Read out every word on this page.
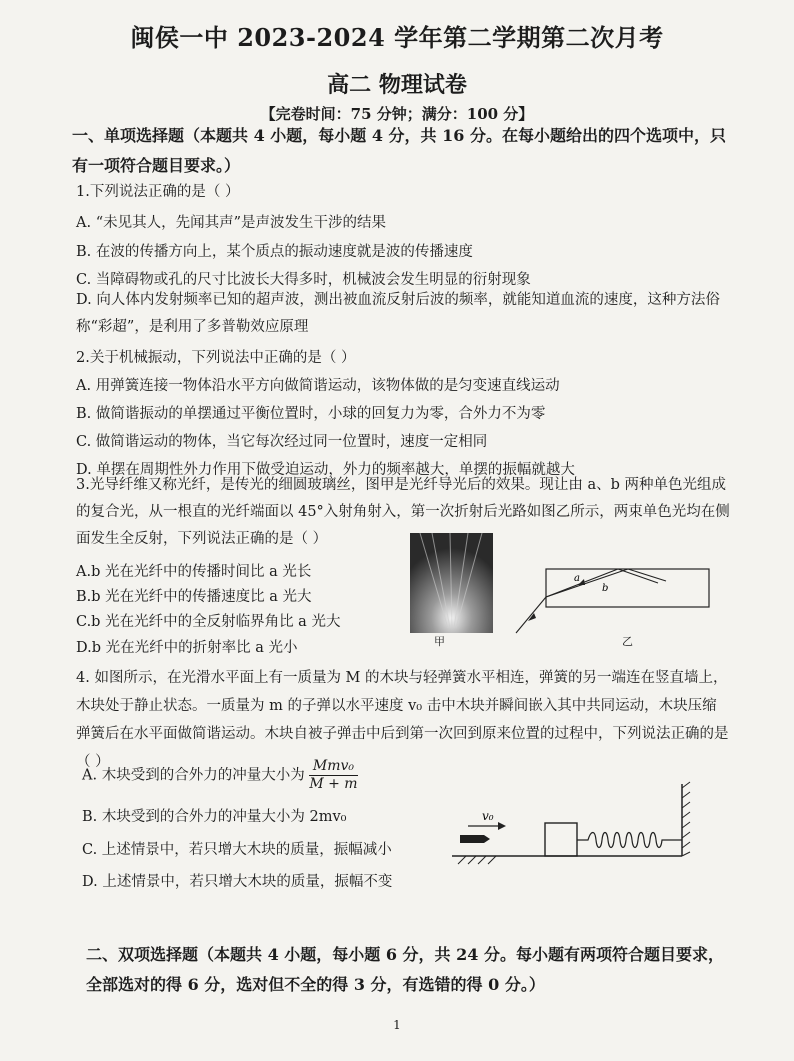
闽侯一中 2023-2024 学年第二学期第二次月考
高二 物理试卷
【完卷时间：75 分钟；满分：100 分】
一、单项选择题（本题共 4 小题，每小题 4 分，共 16 分。在每小题给出的四个选项中，只有一项符合题目要求。）
1.下列说法正确的是（ ）
A. “未见其人，先闻其声”是声波发生干涉的结果
B. 在波的传播方向上，某个质点的振动速度就是波的传播速度
C. 当障碍物或孔的尺寸比波长大得多时，机械波会发生明显的衍射现象
D. 向人体内发射频率已知的超声波，测出被血流反射后波的频率，就能知道血流的速度，这种方法俗称“彩超”，是利用了多普勒效应原理
2.关于机械振动，下列说法中正确的是（ ）
A. 用弹簧连接一物体沿水平方向做简谐运动，该物体做的是匀变速直线运动
B. 做简谐振动的单摆通过平衡位置时，小球的回复力为零，合外力不为零
C. 做简谐运动的物体，当它每次经过同一位置时，速度一定相同
D. 单摆在周期性外力作用下做受迫运动，外力的频率越大，单摆的振幅就越大
3.光导纤维又称光纤，是传光的细圆玻璃丝，图甲是光纤导光后的效果。现让由 a、b 两种单色光组成的复合光，从一根直的光纤端面以 45°入射角射入，第一次折射后光路如图乙所示，两束单色光均在侧面发生全反射，下列说法正确的是（ ）
A.b 光在光纤中的传播时间比 a 光长
B.b 光在光纤中的传播速度比 a 光大
C.b 光在光纤中的全反射临界角比 a 光大
D.b 光在光纤中的折射率比 a 光小	甲
a
b
乙
4. 如图所示，在光滑水平面上有一质量为 M 的木块与轻弹簧水平相连，弹簧的另一端连在竖直墙上，木块处于静止状态。一质量为 m 的子弹以水平速度 v₀ 击中木块并瞬间嵌入其中共同运动，木块压缩弹簧后在水平面做简谐运动。木块自被子弹击中后到第一次回到原来位置的过程中，下列说法正确的是（ ）
A. 木块受到的合外力的冲量大小为 $\frac{\text{Mmv₀}}{M + m}$
B. 木块受到的合外力的冲量大小为 2mv₀
C. 上述情景中，若只增大木块的质量，振幅减小
D. 上述情景中，若只增大木块的质量，振幅不变
v₀
二、双项选择题（本题共 4 小题，每小题 6 分，共 24 分。每小题有两项符合题目要求，全部选对的得 6 分，选对但不全的得 3 分，有选错的得 0 分。）
1
